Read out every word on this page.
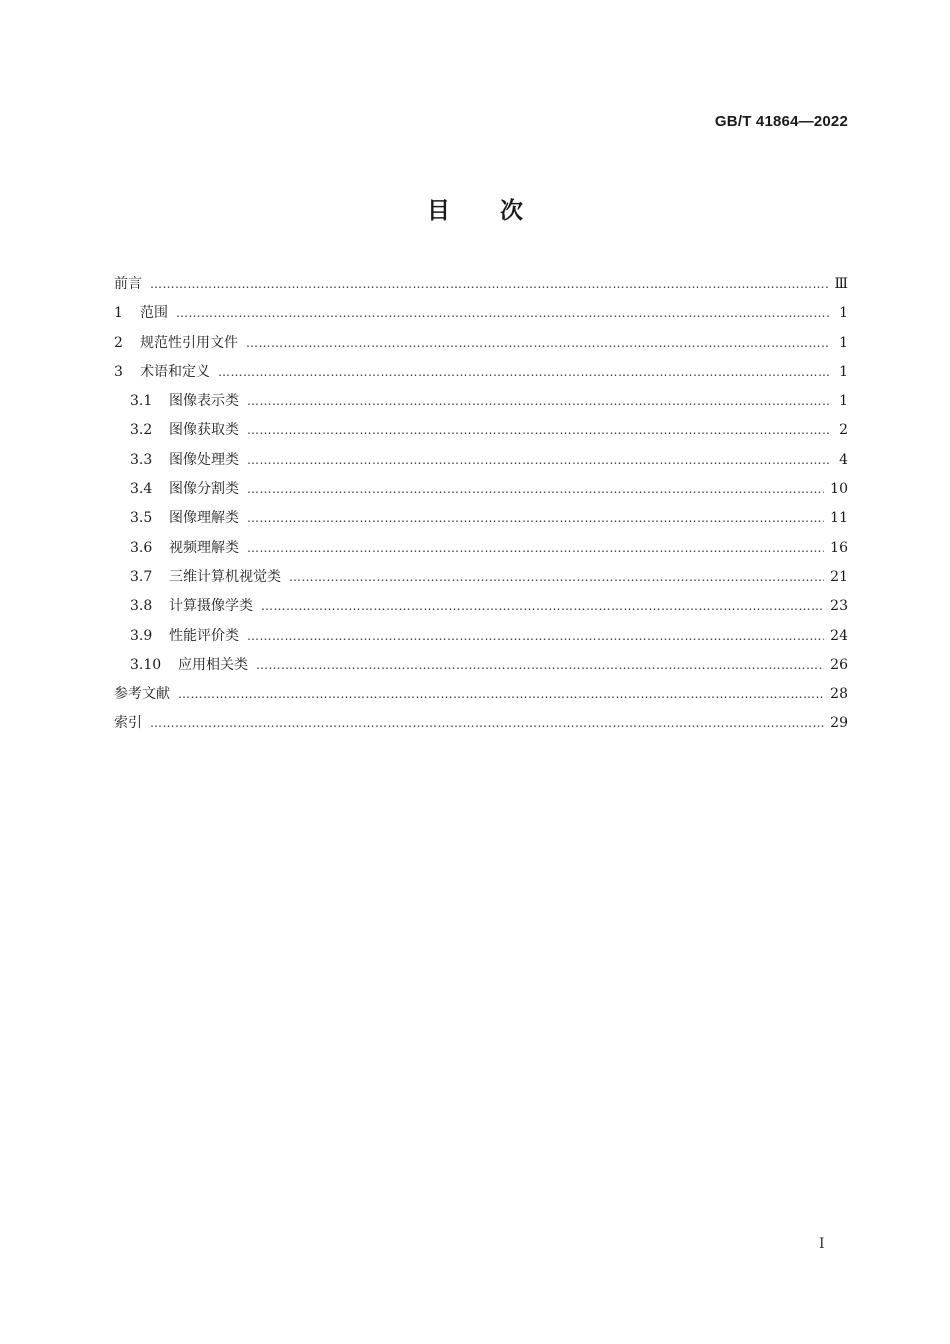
GB/T 41864—2022
目次
前言 ……………………………………………………………………………………………………………………………………………………………………………………………………………………………………………………………………………………………	Ⅲ
1	范围 ……………………………………………………………………………………………………………………………………………………………………………………………………………………………………………………………………………………………	1
2	规范性引用文件 ……………………………………………………………………………………………………………………………………………………………………………………………………………………………………………………………………………………………	1
3	术语和定义 ……………………………………………………………………………………………………………………………………………………………………………………………………………………………………………………………………………………………	1
3.1	图像表示类 ……………………………………………………………………………………………………………………………………………………………………………………………………………………………………………………………………………………………	1
3.2	图像获取类 ……………………………………………………………………………………………………………………………………………………………………………………………………………………………………………………………………………………………	2
3.3	图像处理类 ……………………………………………………………………………………………………………………………………………………………………………………………………………………………………………………………………………………………	4
3.4	图像分割类 ……………………………………………………………………………………………………………………………………………………………………………………………………………………………………………………………………………………………	10
3.5	图像理解类 ……………………………………………………………………………………………………………………………………………………………………………………………………………………………………………………………………………………………	11
3.6	视频理解类 ……………………………………………………………………………………………………………………………………………………………………………………………………………………………………………………………………………………………	16
3.7	三维计算机视觉类 ……………………………………………………………………………………………………………………………………………………………………………………………………………………………………………………………………………………………	21
3.8	计算摄像学类 ……………………………………………………………………………………………………………………………………………………………………………………………………………………………………………………………………………………………	23
3.9	性能评价类 ……………………………………………………………………………………………………………………………………………………………………………………………………………………………………………………………………………………………	24
3.10	应用相关类 ……………………………………………………………………………………………………………………………………………………………………………………………………………………………………………………………………………………………	26
参考文献 ……………………………………………………………………………………………………………………………………………………………………………………………………………………………………………………………………………………………	28
索引 ……………………………………………………………………………………………………………………………………………………………………………………………………………………………………………………………………………………………	29
I
